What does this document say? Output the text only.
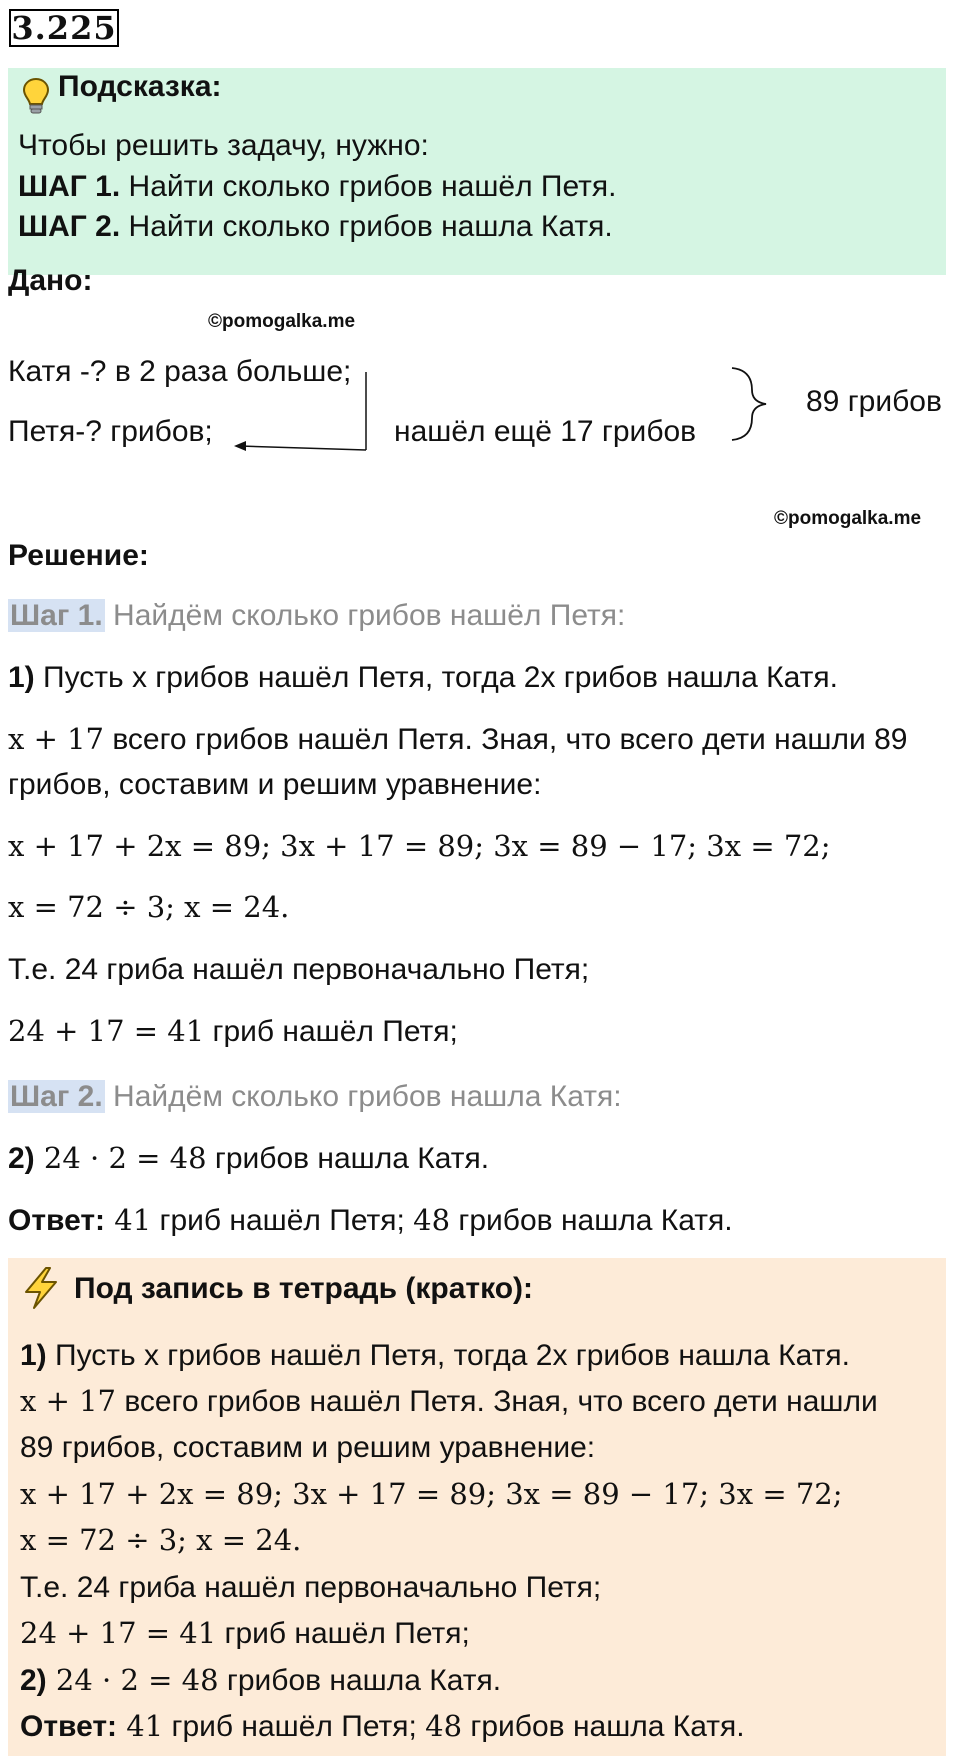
3.225
Подсказка:
Чтобы решить задачу, нужно:
ШАГ 1. Найти сколько грибов нашёл Петя.
ШАГ 2. Найти сколько грибов нашла Катя.
Дано:
©pomogalka.me
Катя -? в 2 раза больше;
Петя-? грибов;	нашёл ещё 17 грибов
89 грибов
©pomogalka.me
Решение:
Шаг 1. Найдём сколько грибов нашёл Петя:
1) Пусть x грибов нашёл Петя, тогда 2x грибов нашла Катя.
x + 17 всего грибов нашёл Петя. Зная, что всего дети нашли 89
грибов, составим и решим уравнение:
x + 17 + 2x = 89; 3x + 17 = 89; 3x = 89 − 17; 3x = 72;
x = 72 ÷ 3; x = 24.
Т.е. 24 гриба нашёл первоначально Петя;
24 + 17 = 41 гриб нашёл Петя;
Шаг 2. Найдём сколько грибов нашла Катя:
2) 24 · 2 = 48 грибов нашла Катя.
Ответ: 41 гриб нашёл Петя; 48 грибов нашла Катя.
Под запись в тетрадь (кратко):
1) Пусть x грибов нашёл Петя, тогда 2x грибов нашла Катя.
x + 17 всего грибов нашёл Петя. Зная, что всего дети нашли
89 грибов, составим и решим уравнение:
x + 17 + 2x = 89; 3x + 17 = 89; 3x = 89 − 17; 3x = 72;
x = 72 ÷ 3; x = 24.
Т.е. 24 гриба нашёл первоначально Петя;
24 + 17 = 41 гриб нашёл Петя;
2) 24 · 2 = 48 грибов нашла Катя.
Ответ: 41 гриб нашёл Петя; 48 грибов нашла Катя.
